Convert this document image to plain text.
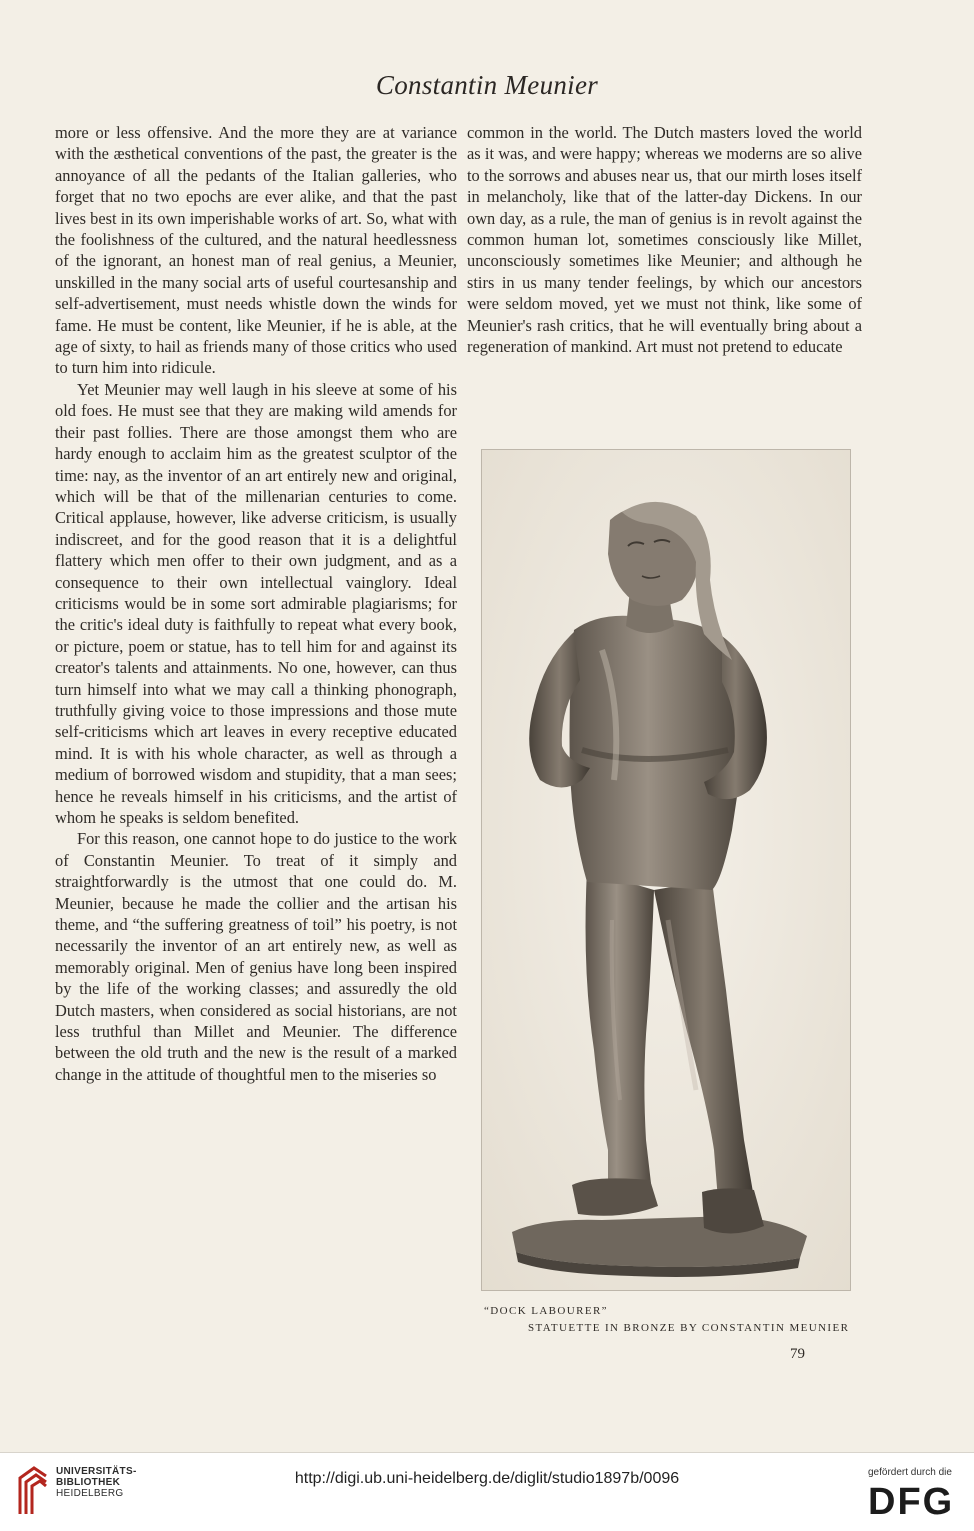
Constantin Meunier

more or less offensive. And the more they are at variance with the æsthetical conventions of the past, the greater is the annoyance of all the pedants of the Italian galleries, who forget that no two epochs are ever alike, and that the past lives best in its own imperishable works of art. So, what with the foolishness of the cultured, and the natural heedlessness of the ignorant, an honest man of real genius, a Meunier, unskilled in the many social arts of useful courtesanship and self-advertisement, must needs whistle down the winds for fame. He must be content, like Meunier, if he is able, at the age of sixty, to hail as friends many of those critics who used to turn him into ridicule.

Yet Meunier may well laugh in his sleeve at some of his old foes. He must see that they are making wild amends for their past follies. There are those amongst them who are hardy enough to acclaim him as the greatest sculptor of the time: nay, as the inventor of an art entirely new and original, which will be that of the millenarian centuries to come. Critical applause, however, like adverse criticism, is usually indiscreet, and for the good reason that it is a delightful flattery which men offer to their own judgment, and as a consequence to their own intellectual vainglory. Ideal criticisms would be in some sort admirable plagiarisms; for the critic's ideal duty is faithfully to repeat what every book, or picture, poem or statue, has to tell him for and against its creator's talents and attainments. No one, however, can thus turn himself into what we may call a thinking phonograph, truthfully giving voice to those impressions and those mute self-criticisms which art leaves in every receptive educated mind. It is with his whole character, as well as through a medium of borrowed wisdom and stupidity, that a man sees; hence he reveals himself in his criticisms, and the artist of whom he speaks is seldom benefited.

For this reason, one cannot hope to do justice to the work of Constantin Meunier. To treat of it simply and straightforwardly is the utmost that one could do. M. Meunier, because he made the collier and the artisan his theme, and “the suffering greatness of toil” his poetry, is not necessarily the inventor of an art entirely new, as well as memorably original. Men of genius have long been inspired by the life of the working classes; and assuredly the old Dutch masters, when considered as social historians, are not less truthful than Millet and Meunier. The difference between the old truth and the new is the result of a marked change in the attitude of thoughtful men to the miseries so

common in the world. The Dutch masters loved the world as it was, and were happy; whereas we moderns are so alive to the sorrows and abuses near us, that our mirth loses itself in melancholy, like that of the latter-day Dickens. In our own day, as a rule, the man of genius is in revolt against the common human lot, sometimes consciously like Millet, unconsciously sometimes like Meunier; and although he stirs in us many tender feelings, by which our ancestors were seldom moved, yet we must not think, like some of Meunier's rash critics, that he will eventually bring about a regeneration of mankind. Art must not pretend to educate

“DOCK LABOURER”
STATUETTE IN BRONZE BY CONSTANTIN MEUNIER
79
UNIVERSITÄTS-
BIBLIOTHEK
HEIDELBERG
http://digi.ub.uni-heidelberg.de/diglit/studio1897b/0096	gefördert durch die
DFG
